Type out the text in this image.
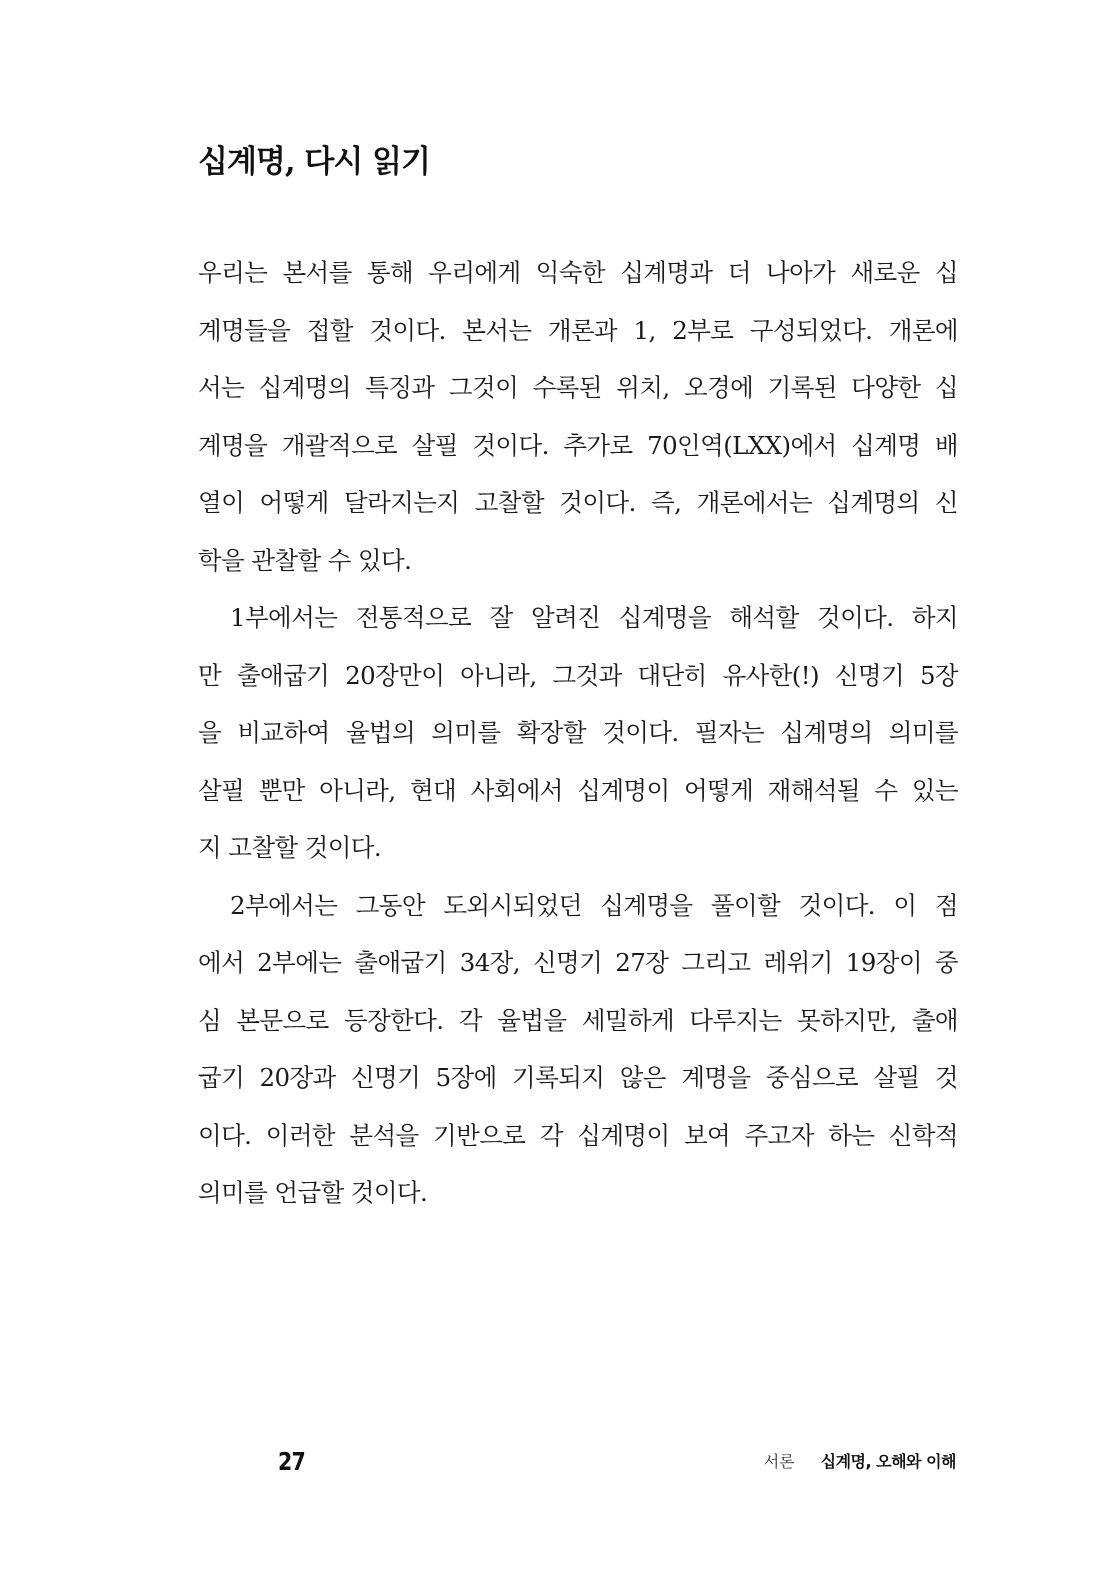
십계명, 다시 읽기
우리는 본서를 통해 우리에게 익숙한 십계명과 더 나아가 새로운 십
계명들을 접할 것이다. 본서는 개론과 1, 2부로 구성되었다. 개론에
서는 십계명의 특징과 그것이 수록된 위치, 오경에 기록된 다양한 십
계명을 개괄적으로 살필 것이다. 추가로 70인역(LXX)에서 십계명 배
열이 어떻게 달라지는지 고찰할 것이다. 즉, 개론에서는 십계명의 신
학을 관찰할 수 있다.
1부에서는 전통적으로 잘 알려진 십계명을 해석할 것이다. 하지
만 출애굽기 20장만이 아니라, 그것과 대단히 유사한(!) 신명기 5장
을 비교하여 율법의 의미를 확장할 것이다. 필자는 십계명의 의미를
살필 뿐만 아니라, 현대 사회에서 십계명이 어떻게 재해석될 수 있는
지 고찰할 것이다.
2부에서는 그동안 도외시되었던 십계명을 풀이할 것이다. 이 점
에서 2부에는 출애굽기 34장, 신명기 27장 그리고 레위기 19장이 중
심 본문으로 등장한다. 각 율법을 세밀하게 다루지는 못하지만, 출애
굽기 20장과 신명기 5장에 기록되지 않은 계명을 중심으로 살필 것
이다. 이러한 분석을 기반으로 각 십계명이 보여 주고자 하는 신학적
의미를 언급할 것이다.
27	서론 십계명, 오해와 이해
